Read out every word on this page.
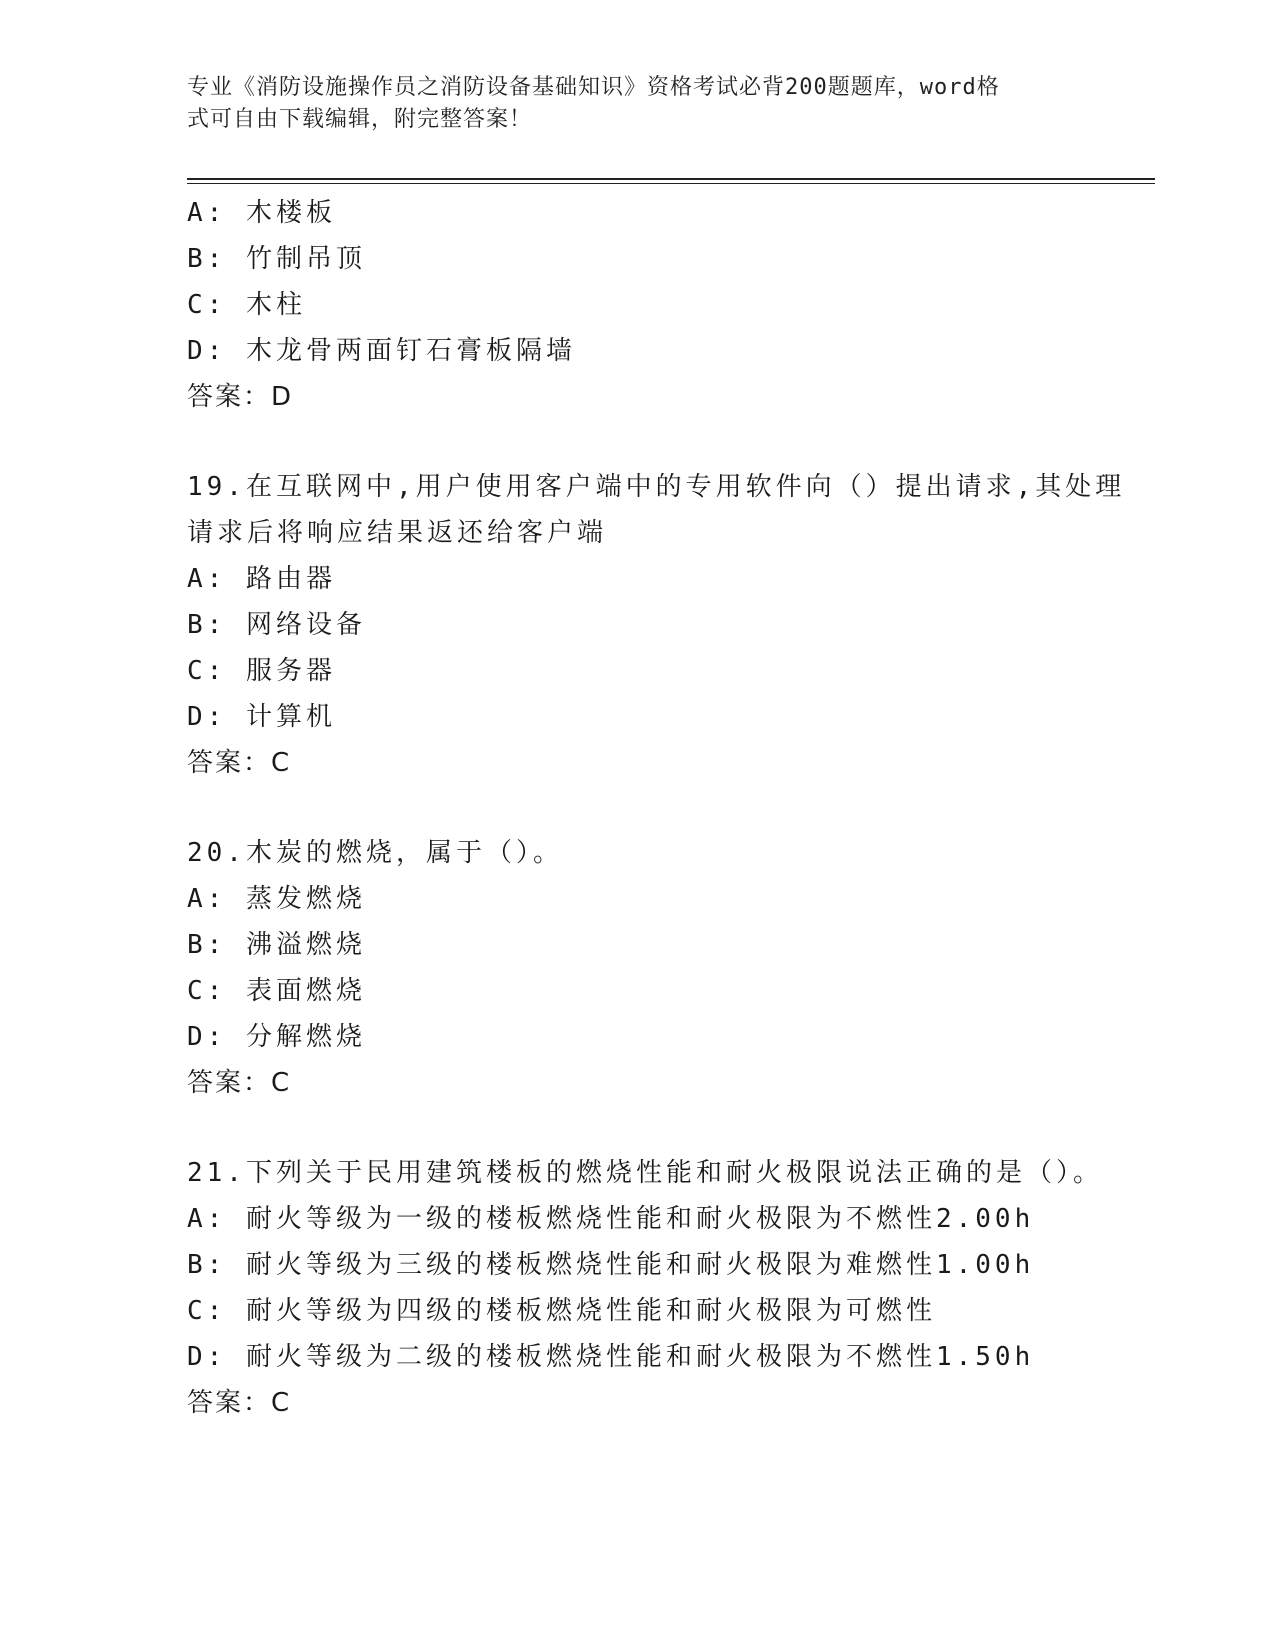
专业《消防设施操作员之消防设备基础知识》资格考试必背200题题库，word格
式可自由下载编辑，附完整答案！
A: 木楼板
B: 竹制吊顶
C: 木柱
D: 木龙骨两面钉石膏板隔墙
答案：D
19.在互联网中,用户使用客户端中的专用软件向（）提出请求,其处理
请求后将响应结果返还给客户端
A: 路由器
B: 网络设备
C: 服务器
D: 计算机
答案：C
20.木炭的燃烧，属于（）。
A: 蒸发燃烧
B: 沸溢燃烧
C: 表面燃烧
D: 分解燃烧
答案：C
21.下列关于民用建筑楼板的燃烧性能和耐火极限说法正确的是（）。
A: 耐火等级为一级的楼板燃烧性能和耐火极限为不燃性2.00h
B: 耐火等级为三级的楼板燃烧性能和耐火极限为难燃性1.00h
C: 耐火等级为四级的楼板燃烧性能和耐火极限为可燃性
D: 耐火等级为二级的楼板燃烧性能和耐火极限为不燃性1.50h
答案：C
